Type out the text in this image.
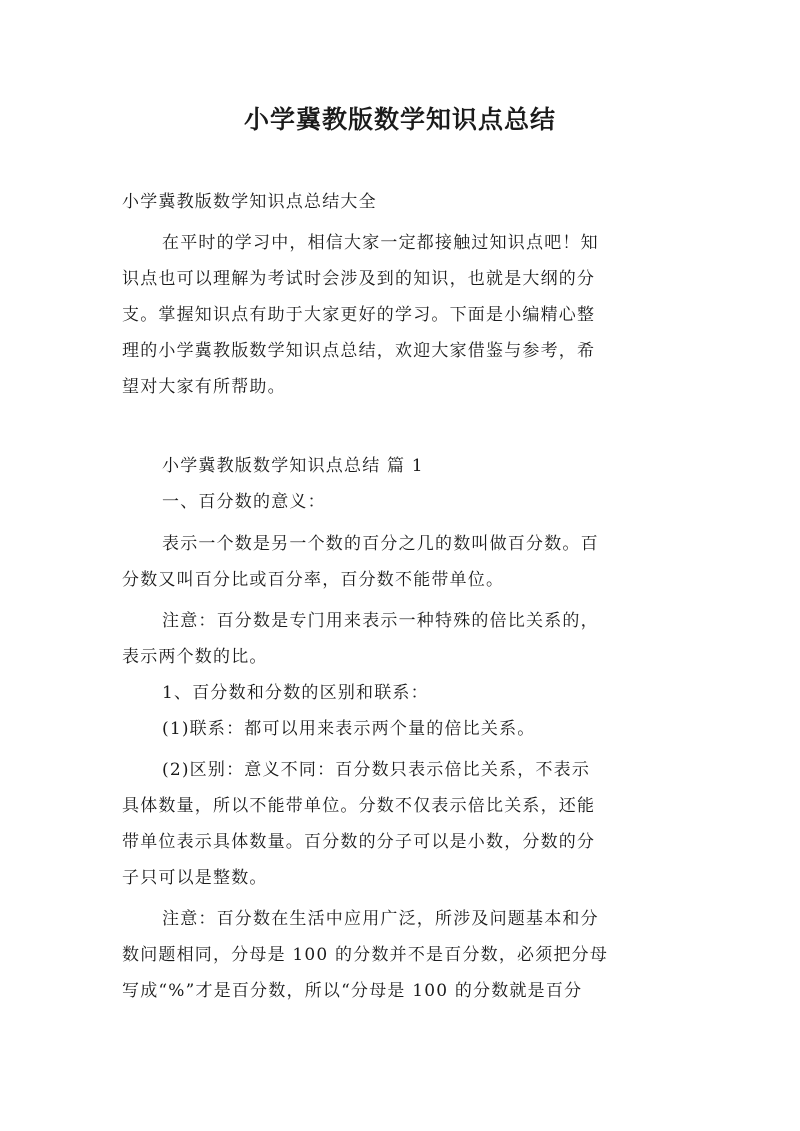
小学冀教版数学知识点总结
小学冀教版数学知识点总结大全
在平时的学习中，相信大家一定都接触过知识点吧！知
识点也可以理解为考试时会涉及到的知识，也就是大纲的分
支。掌握知识点有助于大家更好的学习。下面是小编精心整
理的小学冀教版数学知识点总结，欢迎大家借鉴与参考，希
望对大家有所帮助。
小学冀教版数学知识点总结 篇 1
一、百分数的意义：
表示一个数是另一个数的百分之几的数叫做百分数。百
分数又叫百分比或百分率，百分数不能带单位。
注意：百分数是专门用来表示一种特殊的倍比关系的，
表示两个数的比。
1、百分数和分数的区别和联系：
(1)联系：都可以用来表示两个量的倍比关系。
(2)区别：意义不同：百分数只表示倍比关系，不表示
具体数量，所以不能带单位。分数不仅表示倍比关系，还能
带单位表示具体数量。百分数的分子可以是小数，分数的分
子只可以是整数。
注意：百分数在生活中应用广泛，所涉及问题基本和分
数问题相同，分母是 100 的分数并不是百分数，必须把分母
写成“%”才是百分数，所以“分母是 100 的分数就是百分
